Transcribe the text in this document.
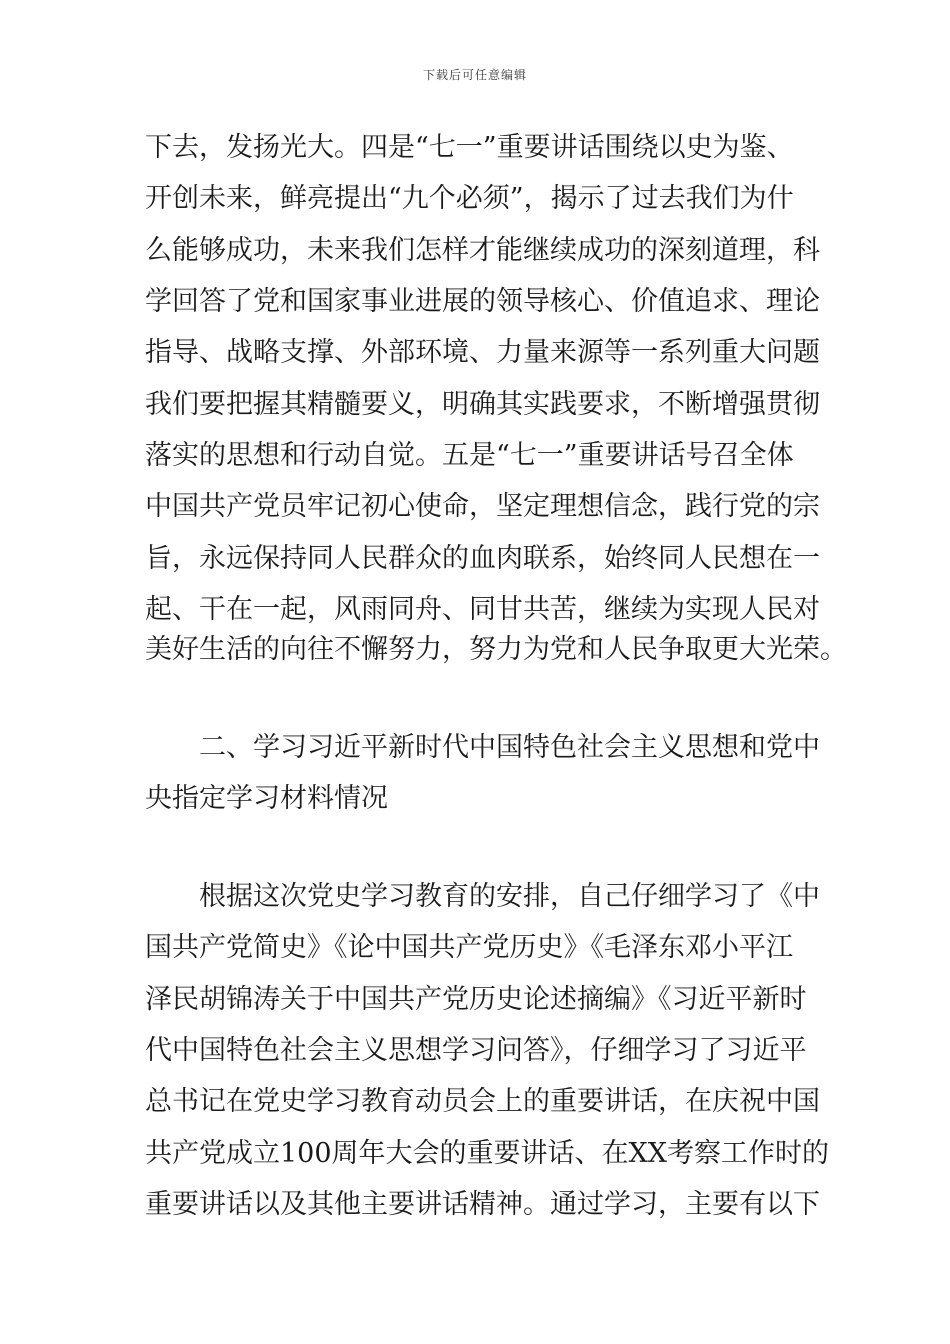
下载后可任意编辑
下去，发扬光大。四是“七一”重要讲话围绕以史为鉴、
开创未来，鲜亮提出“九个必须”，揭示了过去我们为什
么能够成功，未来我们怎样才能继续成功的深刻道理，科
学回答了党和国家事业进展的领导核心、价值追求、理论
指导、战略支撑、外部环境、力量来源等一系列重大问题
我们要把握其精髓要义，明确其实践要求，不断增强贯彻
落实的思想和行动自觉。五是“七一”重要讲话号召全体
中国共产党员牢记初心使命，坚定理想信念，践行党的宗
旨，永远保持同人民群众的血肉联系，始终同人民想在一
起、干在一起，风雨同舟、同甘共苦，继续为实现人民对
美好生活的向往不懈努力，努力为党和人民争取更大光荣。
　　二、学习习近平新时代中国特色社会主义思想和党中
央指定学习材料情况
　　根据这次党史学习教育的安排，自己仔细学习了《中
国共产党简史》《论中国共产党历史》《毛泽东邓小平江
泽民胡锦涛关于中国共产党历史论述摘编》《习近平新时
代中国特色社会主义思想学习问答》，仔细学习了习近平
总书记在党史学习教育动员会上的重要讲话，在庆祝中国
共产党成立100周年大会的重要讲话、在XX考察工作时的
重要讲话以及其他主要讲话精神。通过学习，主要有以下
